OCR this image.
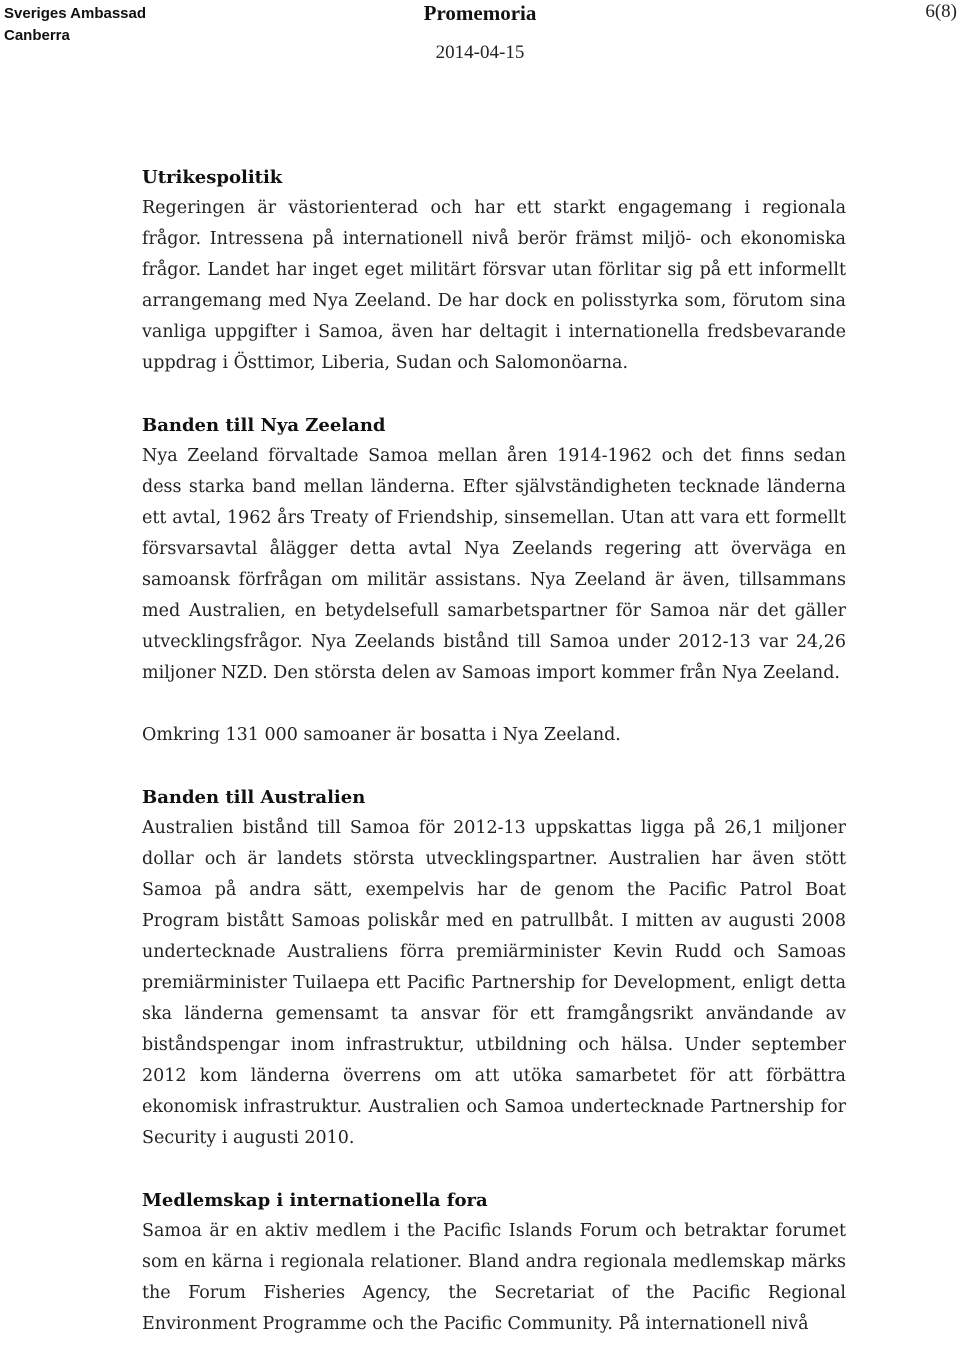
Sveriges Ambassad
Canberra
Promemoria
2014-04-15
6(8)

Utrikespolitik

Regeringen är västorienterad och har ett starkt engagemang i regionala frågor. Intressena på internationell nivå berör främst miljö- och ekonomiska frågor. Landet har inget eget militärt försvar utan förlitar sig på ett informellt arrangemang med Nya Zeeland. De har dock en polisstyrka som, förutom sina vanliga uppgifter i Samoa, även har deltagit i internationella fredsbevarande uppdrag i Östtimor, Liberia, Sudan och Salomonöarna.

Banden till Nya Zeeland

Nya Zeeland förvaltade Samoa mellan åren 1914-1962 och det finns sedan dess starka band mellan länderna. Efter självständigheten tecknade länderna ett avtal, 1962 års Treaty of Friendship, sinsemellan. Utan att vara ett formellt försvarsavtal ålägger detta avtal Nya Zeelands regering att överväga en samoansk förfrågan om militär assistans. Nya Zeeland är även, tillsammans med Australien, en betydelsefull samarbetspartner för Samoa när det gäller utvecklingsfrågor. Nya Zeelands bistånd till Samoa under 2012-13 var 24,26 miljoner NZD. Den största delen av Samoas import kommer från Nya Zeeland.

Omkring 131 000 samoaner är bosatta i Nya Zeeland.

Banden till Australien

Australien bistånd till Samoa för 2012-13 uppskattas ligga på 26,1 miljoner dollar och är landets största utvecklingspartner. Australien har även stött Samoa på andra sätt, exempelvis har de genom the Pacific Patrol Boat Program bistått Samoas poliskår med en patrullbåt. I mitten av augusti 2008 undertecknade Australiens förra premiärminister Kevin Rudd och Samoas premiärminister Tuilaepa ett Pacific Partnership for Development, enligt detta ska länderna gemensamt ta ansvar för ett framgångsrikt användande av biståndspengar inom infrastruktur, utbildning och hälsa. Under september 2012 kom länderna överrens om att utöka samarbetet för att förbättra ekonomisk infrastruktur. Australien och Samoa undertecknade Partnership for Security i augusti 2010.

Medlemskap i internationella fora

Samoa är en aktiv medlem i the Pacific Islands Forum och betraktar forumet som en kärna i regionala relationer. Bland andra regionala medlemskap märks the Forum Fisheries Agency, the Secretariat of the Pacific Regional Environment Programme och the Pacific Community. På internationell nivå
